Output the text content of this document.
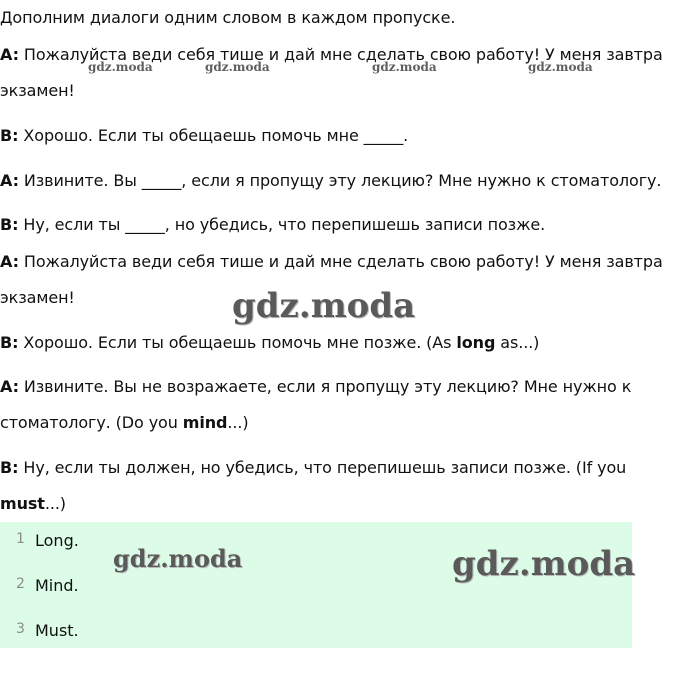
Дополним диалоги одним словом в каждом пропуске.
A: Пожалуйста веди себя тише и дай мне сделать свою работу! У меня завтра
экзамен!
B: Хорошо. Если ты обещаешь помочь мне _____.
A: Извините. Вы _____, если я пропущу эту лекцию? Мне нужно к стоматологу.
B: Ну, если ты _____, но убедись, что перепишешь записи позже.
A: Пожалуйста веди себя тише и дай мне сделать свою работу! У меня завтра
экзамен!
B: Хорошо. Если ты обещаешь помочь мне позже. (As long as...)
A: Извините. Вы не возражаете, если я пропущу эту лекцию? Мне нужно к
стоматологу. (Do you mind...)
B: Ну, если ты должен, но убедись, что перепишешь записи позже. (If you
must...)
1 Long.
2 Mind.
3 Must.
gdz.moda	gdz.moda	gdz.moda	gdz.moda
gdz.moda
gdz.moda	gdz.moda
